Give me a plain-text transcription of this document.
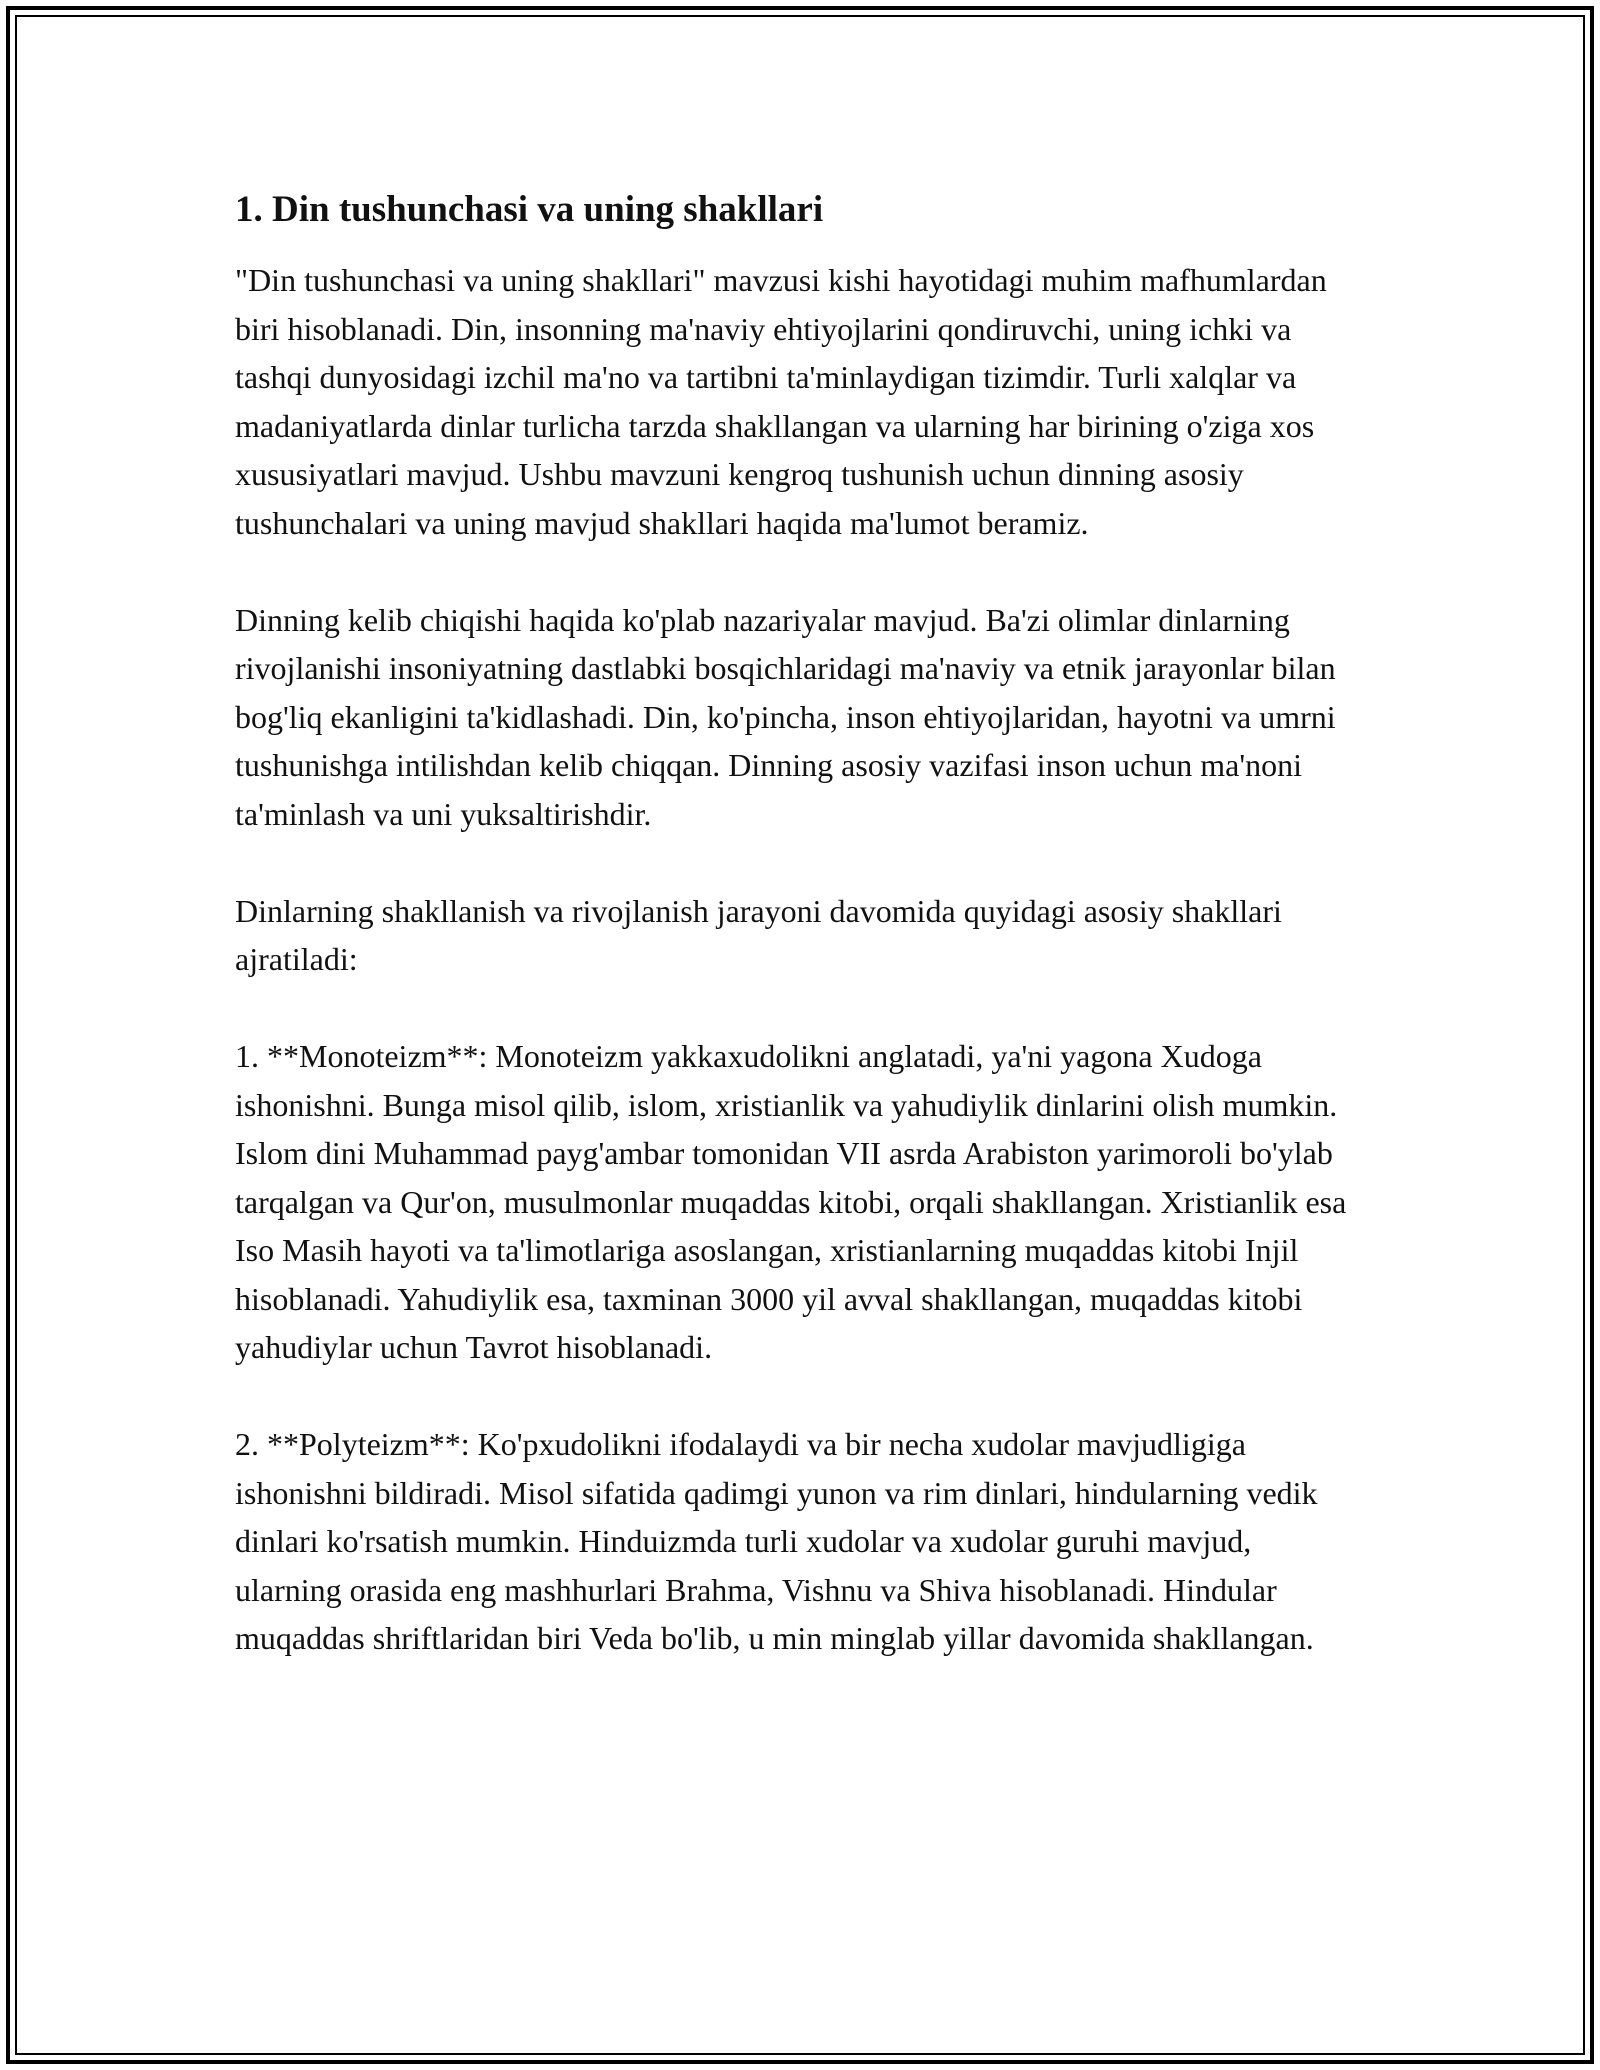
1. Din tushunchasi va uning shakllari

"Din tushunchasi va uning shakllari" mavzusi kishi hayotidagi muhim mafhumlardan biri hisoblanadi. Din, insonning ma'naviy ehtiyojlarini qondiruvchi, uning ichki va tashqi dunyosidagi izchil ma'no va tartibni ta'minlaydigan tizimdir. Turli xalqlar va madaniyatlarda dinlar turlicha tarzda shakllangan va ularning har birining o'ziga xos xususiyatlari mavjud. Ushbu mavzuni kengroq tushunish uchun dinning asosiy tushunchalari va uning mavjud shakllari haqida ma'lumot beramiz.

Dinning kelib chiqishi haqida ko'plab nazariyalar mavjud. Ba'zi olimlar dinlarning rivojlanishi insoniyatning dastlabki bosqichlaridagi ma'naviy va etnik jarayonlar bilan bog'liq ekanligini ta'kidlashadi. Din, ko'pincha, inson ehtiyojlaridan, hayotni va umrni tushunishga intilishdan kelib chiqqan. Dinning asosiy vazifasi inson uchun ma'noni ta'minlash va uni yuksaltirishdir.

Dinlarning shakllanish va rivojlanish jarayoni davomida quyidagi asosiy shakllari ajratiladi:

1. **Monoteizm**: Monoteizm yakkaxudolikni anglatadi, ya'ni yagona Xudoga ishonishni. Bunga misol qilib, islom, xristianlik va yahudiylik dinlarini olish mumkin. Islom dini Muhammad payg'ambar tomonidan VII asrda Arabiston yarimoroli bo'ylab tarqalgan va Qur'on, musulmonlar muqaddas kitobi, orqali shakllangan. Xristianlik esa Iso Masih hayoti va ta'limotlariga asoslangan, xristianlarning muqaddas kitobi Injil hisoblanadi. Yahudiylik esa, taxminan 3000 yil avval shakllangan, muqaddas kitobi yahudiylar uchun Tavrot hisoblanadi.

2. **Polyteizm**: Ko'pxudolikni ifodalaydi va bir necha xudolar mavjudligiga ishonishni bildiradi. Misol sifatida qadimgi yunon va rim dinlari, hindularning vedik dinlari ko'rsatish mumkin. Hinduizmda turli xudolar va xudolar guruhi mavjud, ularning orasida eng mashhurlari Brahma, Vishnu va Shiva hisoblanadi. Hindular muqaddas shriftlaridan biri Veda bo'lib, u min minglab yillar davomida shakllangan.
